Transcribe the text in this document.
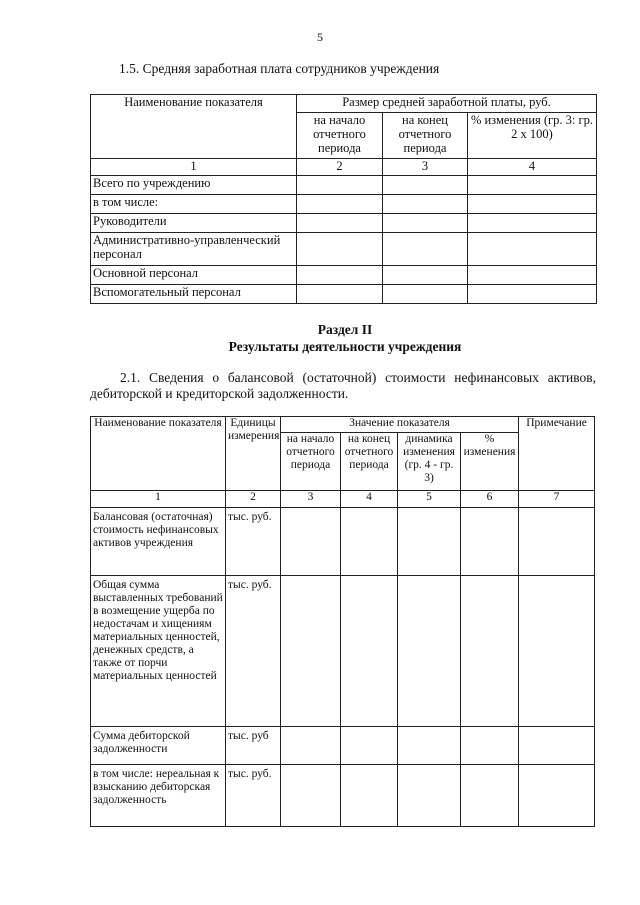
5
1.5. Средняя заработная плата сотрудников учреждения
Наименование показателя	Размер средней заработной платы, руб.		
	на начало отчетного периода	на конец отчетного периода	% изменения (гр. 3: гр. 2 х 100)
1	2	3	4
Всего по учреждению			
в том числе:			
Руководители			
Административно-управленческий персонал			
Основной персонал			
Вспомогательный персонал			
Раздел II
Результаты деятельности учреждения
2.1. Сведения о балансовой (остаточной) стоимости нефинансовых активов,
дебиторской и кредиторской задолженности.
Наименование показателя	Единицы измерения	Значение показателя				Примечание
		на начало отчетного периода	на конец отчетного периода	динамика изменения (гр. 4 - гр. 3)	% изменения	
1	2	3	4	5	6	7
Балансовая (остаточная) стоимость нефинансовых активов учреждения	тыс. руб.					
Общая сумма выставленных требований в возмещение ущерба по недостачам и хищениям материальных ценностей, денежных средств, а также от порчи материальных ценностей	тыс. руб.					
Сумма дебиторской задолженности	тыс. руб					
в том числе: нереальная к взысканию дебиторская задолженность	тыс. руб.					
